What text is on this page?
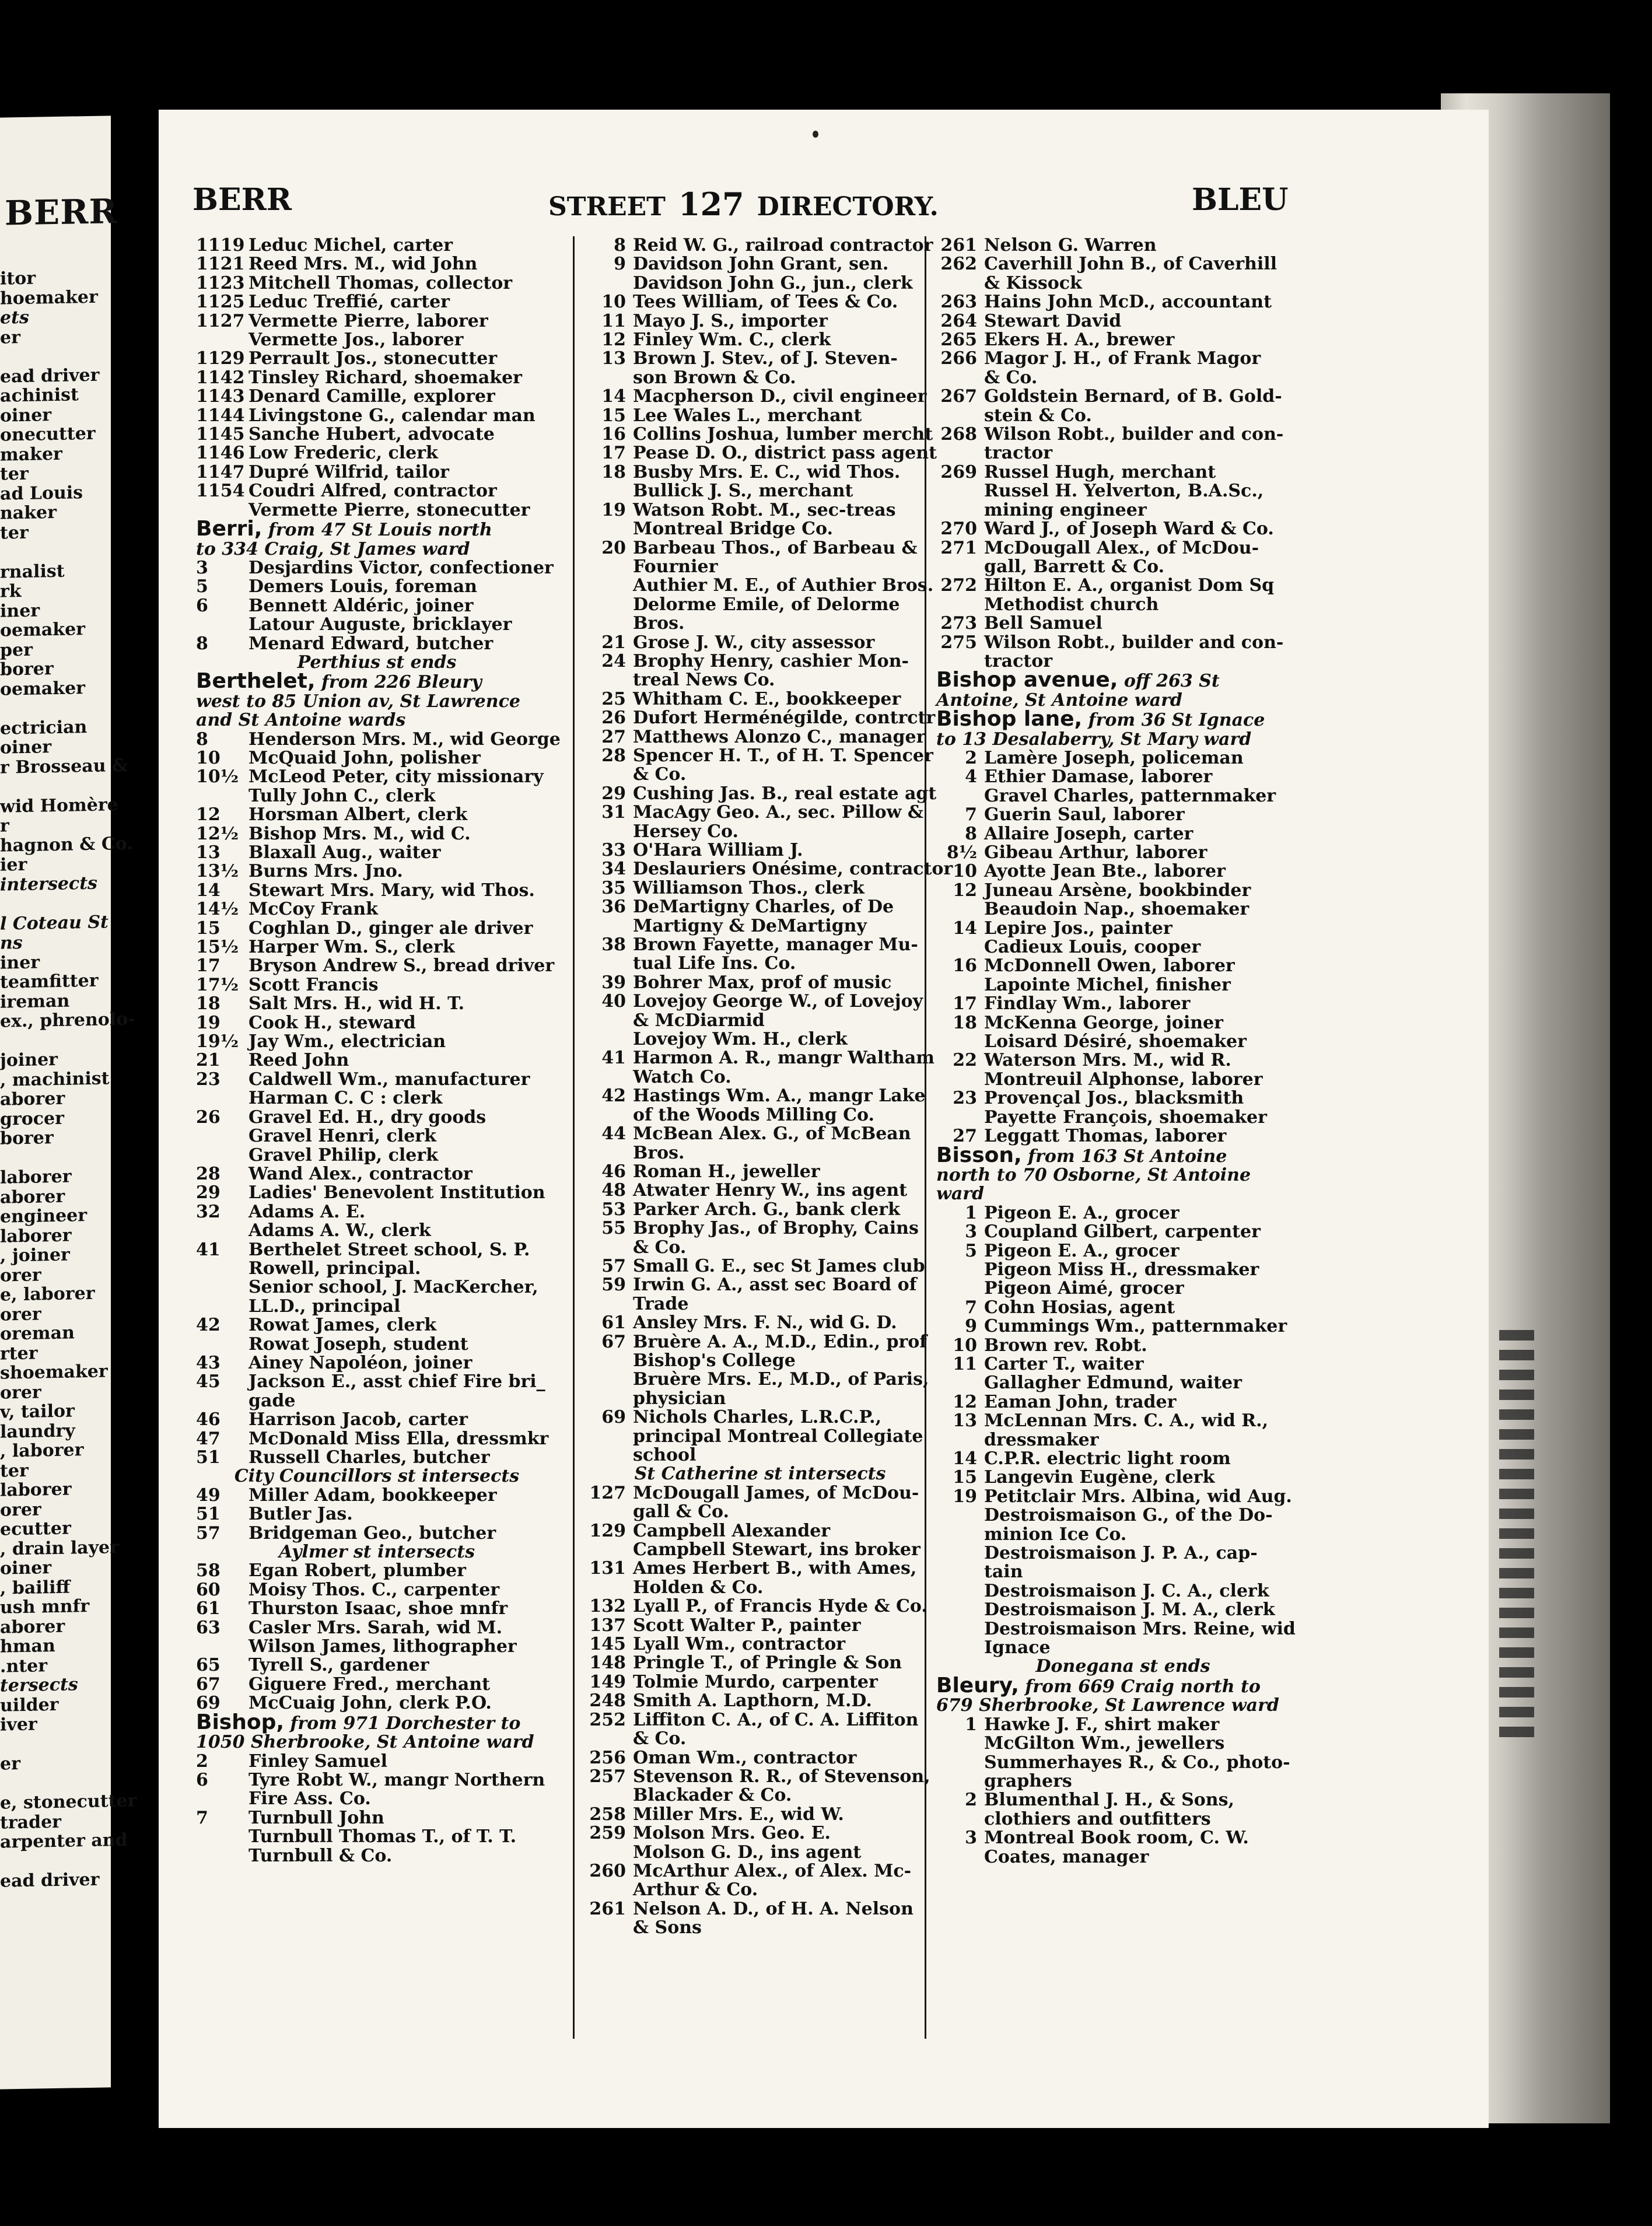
BERR
itor
hoemaker
ets
er
ead driver
achinist
oiner
onecutter
maker
ter
ad Louis
naker
ter
rnalist
rk
iner
oemaker
per
borer
oemaker
ectrician
oiner
r Brosseau &
wid Homère
r
hagnon & Co.
ier
intersects
l Coteau St
ns
iner
teamfitter
ireman
ex., phrenolo-
joiner
, machinist
aborer
grocer
borer
laborer
aborer
engineer
laborer
, joiner
orer
e, laborer
orer
oreman
rter
shoemaker
orer
v, tailor
laundry
, laborer
ter
laborer
orer
ecutter
, drain layer
oiner
, bailiff
ush mnfr
aborer
hman
.nter
tersects
uilder
iver
er
e, stonecutter
trader
arpenter and
ead driver
BERR	STREET 127 DIRECTORY.	BLEU
1119 Leduc Michel, carter
1121 Reed Mrs. M., wid John
1123 Mitchell Thomas, collector
1125 Leduc Treffié, carter
1127 Vermette Pierre, laborer
Vermette Jos., laborer
1129 Perrault Jos., stonecutter
1142 Tinsley Richard, shoemaker
1143 Denard Camille, explorer
1144 Livingstone G., calendar man
1145 Sanche Hubert, advocate
1146 Low Frederic, clerk
1147 Dupré Wilfrid, tailor
1154 Coudri Alfred, contractor
Vermette Pierre, stonecutter
Berri, from 47 St Louis north
to 334 Craig, St James ward
3	Desjardins Victor, confectioner
5	Demers Louis, foreman
6	Bennett Aldéric, joiner
Latour Auguste, bricklayer
8	Menard Edward, butcher
Perthius st ends
Berthelet, from 226 Bleury
west to 85 Union av, St Lawrence
and St Antoine wards
8	Henderson Mrs. M., wid George
10	McQuaid John, polisher
10½ McLeod Peter, city missionary
Tully John C., clerk
12	Horsman Albert, clerk
12½ Bishop Mrs. M., wid C.
13	Blaxall Aug., waiter
13½ Burns Mrs. Jno.
14	Stewart Mrs. Mary, wid Thos.
14½ McCoy Frank
15	Coghlan D., ginger ale driver
15½ Harper Wm. S., clerk
17	Bryson Andrew S., bread driver
17½ Scott Francis
18	Salt Mrs. H., wid H. T.
19	Cook H., steward
19½ Jay Wm., electrician
21	Reed John
23	Caldwell Wm., manufacturer
Harman C. C : clerk
26	Gravel Ed. H., dry goods
Gravel Henri, clerk
Gravel Philip, clerk
28	Wand Alex., contractor
29	Ladies' Benevolent Institution
32	Adams A. E.
Adams A. W., clerk
41	Berthelet Street school, S. P.
Rowell, principal.
Senior school, J. MacKercher,
LL.D., principal
42	Rowat James, clerk
Rowat Joseph, student
43	Ainey Napoléon, joiner
45	Jackson E., asst chief Fire bri_
gade
46	Harrison Jacob, carter
47	McDonald Miss Ella, dressmkr
51	Russell Charles, butcher
City Councillors st intersects
49	Miller Adam, bookkeeper
51	Butler Jas.
57	Bridgeman Geo., butcher
Aylmer st intersects
58	Egan Robert, plumber
60	Moisy Thos. C., carpenter
61	Thurston Isaac, shoe mnfr
63	Casler Mrs. Sarah, wid M.
Wilson James, lithographer
65	Tyrell S., gardener
67	Giguere Fred., merchant
69	McCuaig John, clerk P.O.
Bishop, from 971 Dorchester to
1050 Sherbrooke, St Antoine ward
2	Finley Samuel
6	Tyre Robt W., mangr Northern
Fire Ass. Co.
7	Turnbull John
Turnbull Thomas T., of T. T.
Turnbull & Co.
8 Reid W. G., railroad contractor
9 Davidson John Grant, sen.
Davidson John G., jun., clerk
10 Tees William, of Tees & Co.
11 Mayo J. S., importer
12 Finley Wm. C., clerk
13 Brown J. Stev., of J. Steven-
son Brown & Co.
14 Macpherson D., civil engineer
15 Lee Wales L., merchant
16 Collins Joshua, lumber mercht
17 Pease D. O., district pass agent
18 Busby Mrs. E. C., wid Thos.
Bullick J. S., merchant
19 Watson Robt. M., sec-treas
Montreal Bridge Co.
20 Barbeau Thos., of Barbeau &
Fournier
Authier M. E., of Authier Bros.
Delorme Emile, of Delorme
Bros.
21 Grose J. W., city assessor
24 Brophy Henry, cashier Mon-
treal News Co.
25 Whitham C. E., bookkeeper
26 Dufort Herménégilde, contrctr
27 Matthews Alonzo C., manager
28 Spencer H. T., of H. T. Spencer
& Co.
29 Cushing Jas. B., real estate agt
31 MacAgy Geo. A., sec. Pillow &
Hersey Co.
33 O'Hara William J.
34 Deslauriers Onésime, contractor
35 Williamson Thos., clerk
36 DeMartigny Charles, of De
Martigny & DeMartigny
38 Brown Fayette, manager Mu-
tual Life Ins. Co.
39 Bohrer Max, prof of music
40 Lovejoy George W., of Lovejoy
& McDiarmid
Lovejoy Wm. H., clerk
41 Harmon A. R., mangr Waltham
Watch Co.
42 Hastings Wm. A., mangr Lake
of the Woods Milling Co.
44 McBean Alex. G., of McBean
Bros.
46 Roman H., jeweller
48 Atwater Henry W., ins agent
53 Parker Arch. G., bank clerk
55 Brophy Jas., of Brophy, Cains
& Co.
57 Small G. E., sec St James club
59 Irwin G. A., asst sec Board of
Trade
61 Ansley Mrs. F. N., wid G. D.
67 Bruère A. A., M.D., Edin., prof
Bishop's College
Bruère Mrs. E., M.D., of Paris,
physician
69 Nichols Charles, L.R.C.P.,
principal Montreal Collegiate
school
St Catherine st intersects
127 McDougall James, of McDou-
gall & Co.
129 Campbell Alexander
Campbell Stewart, ins broker
131 Ames Herbert B., with Ames,
Holden & Co.
132 Lyall P., of Francis Hyde & Co.
137 Scott Walter P., painter
145 Lyall Wm., contractor
148 Pringle T., of Pringle & Son
149 Tolmie Murdo, carpenter
248 Smith A. Lapthorn, M.D.
252 Liffiton C. A., of C. A. Liffiton
& Co.
256 Oman Wm., contractor
257 Stevenson R. R., of Stevenson,
Blackader & Co.
258 Miller Mrs. E., wid W.
259 Molson Mrs. Geo. E.
Molson G. D., ins agent
260 McArthur Alex., of Alex. Mc-
Arthur & Co.
261 Nelson A. D., of H. A. Nelson
& Sons
261 Nelson G. Warren
262 Caverhill John B., of Caverhill
& Kissock
263 Hains John McD., accountant
264 Stewart David
265 Ekers H. A., brewer
266 Magor J. H., of Frank Magor
& Co.
267 Goldstein Bernard, of B. Gold-
stein & Co.
268 Wilson Robt., builder and con-
tractor
269 Russel Hugh, merchant
Russel H. Yelverton, B.A.Sc.,
mining engineer
270 Ward J., of Joseph Ward & Co.
271 McDougall Alex., of McDou-
gall, Barrett & Co.
272 Hilton E. A., organist Dom Sq
Methodist church
273 Bell Samuel
275 Wilson Robt., builder and con-
tractor
Bishop avenue, off 263 St
Antoine, St Antoine ward
Bishop lane, from 36 St Ignace
to 13 Desalaberry, St Mary ward
2 Lamère Joseph, policeman
4 Ethier Damase, laborer
Gravel Charles, patternmaker
7 Guerin Saul, laborer
8 Allaire Joseph, carter
8½ Gibeau Arthur, laborer
10 Ayotte Jean Bte., laborer
12 Juneau Arsène, bookbinder
Beaudoin Nap., shoemaker
14 Lepire Jos., painter
Cadieux Louis, cooper
16 McDonnell Owen, laborer
Lapointe Michel, finisher
17 Findlay Wm., laborer
18 McKenna George, joiner
Loisard Désiré, shoemaker
22 Waterson Mrs. M., wid R.
Montreuil Alphonse, laborer
23 Provençal Jos., blacksmith
Payette François, shoemaker
27 Leggatt Thomas, laborer
Bisson, from 163 St Antoine
north to 70 Osborne, St Antoine
ward
1 Pigeon E. A., grocer
3 Coupland Gilbert, carpenter
5 Pigeon E. A., grocer
Pigeon Miss H., dressmaker
Pigeon Aimé, grocer
7 Cohn Hosias, agent
9 Cummings Wm., patternmaker
10 Brown rev. Robt.
11 Carter T., waiter
Gallagher Edmund, waiter
12 Eaman John, trader
13 McLennan Mrs. C. A., wid R.,
dressmaker
14 C.P.R. electric light room
15 Langevin Eugène, clerk
19 Petitclair Mrs. Albina, wid Aug.
Destroismaison G., of the Do-
minion Ice Co.
Destroismaison J. P. A., cap-
tain
Destroismaison J. C. A., clerk
Destroismaison J. M. A., clerk
Destroismaison Mrs. Reine, wid
Ignace
Donegana st ends
Bleury, from 669 Craig north to
679 Sherbrooke, St Lawrence ward
1 Hawke J. F., shirt maker
McGilton Wm., jewellers
Summerhayes R., & Co., photo-
graphers
2 Blumenthal J. H., & Sons,
clothiers and outfitters
3 Montreal Book room, C. W.
Coates, manager
